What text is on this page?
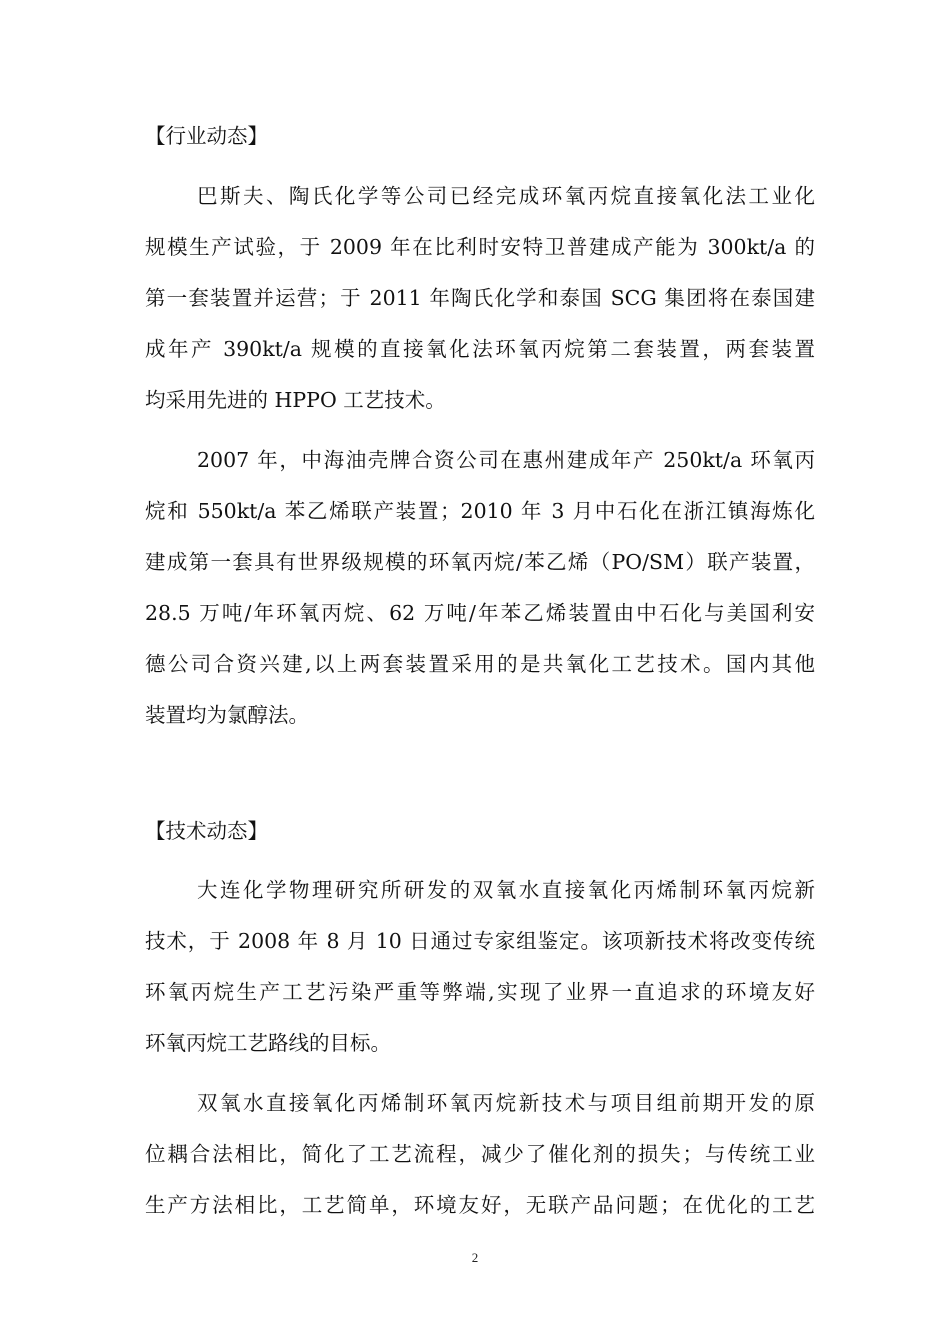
【行业动态】
巴斯夫、陶氏化学等公司已经完成环氧丙烷直接氧化法工业化
规模生产试验，于 2009 年在比利时安特卫普建成产能为 300kt/a 的
第一套装置并运营；于 2011 年陶氏化学和泰国 SCG 集团将在泰国建
成年产 390kt/a 规模的直接氧化法环氧丙烷第二套装置，两套装置
均采用先进的 HPPO 工艺技术。
2007 年，中海油壳牌合资公司在惠州建成年产 250kt/a 环氧丙
烷和 550kt/a 苯乙烯联产装置；2010 年 3 月中石化在浙江镇海炼化
建成第一套具有世界级规模的环氧丙烷/苯乙烯（PO/SM）联产装置，
28.5 万吨/年环氧丙烷、62 万吨/年苯乙烯装置由中石化与美国利安
德公司合资兴建,以上两套装置采用的是共氧化工艺技术。国内其他
装置均为氯醇法。
【技术动态】
大连化学物理研究所研发的双氧水直接氧化丙烯制环氧丙烷新
技术，于 2008 年 8 月 10 日通过专家组鉴定。该项新技术将改变传统
环氧丙烷生产工艺污染严重等弊端,实现了业界一直追求的环境友好
环氧丙烷工艺路线的目标。
双氧水直接氧化丙烯制环氧丙烷新技术与项目组前期开发的原
位耦合法相比，简化了工艺流程，减少了催化剂的损失；与传统工业
生产方法相比，工艺简单，环境友好，无联产品问题；在优化的工艺
2
